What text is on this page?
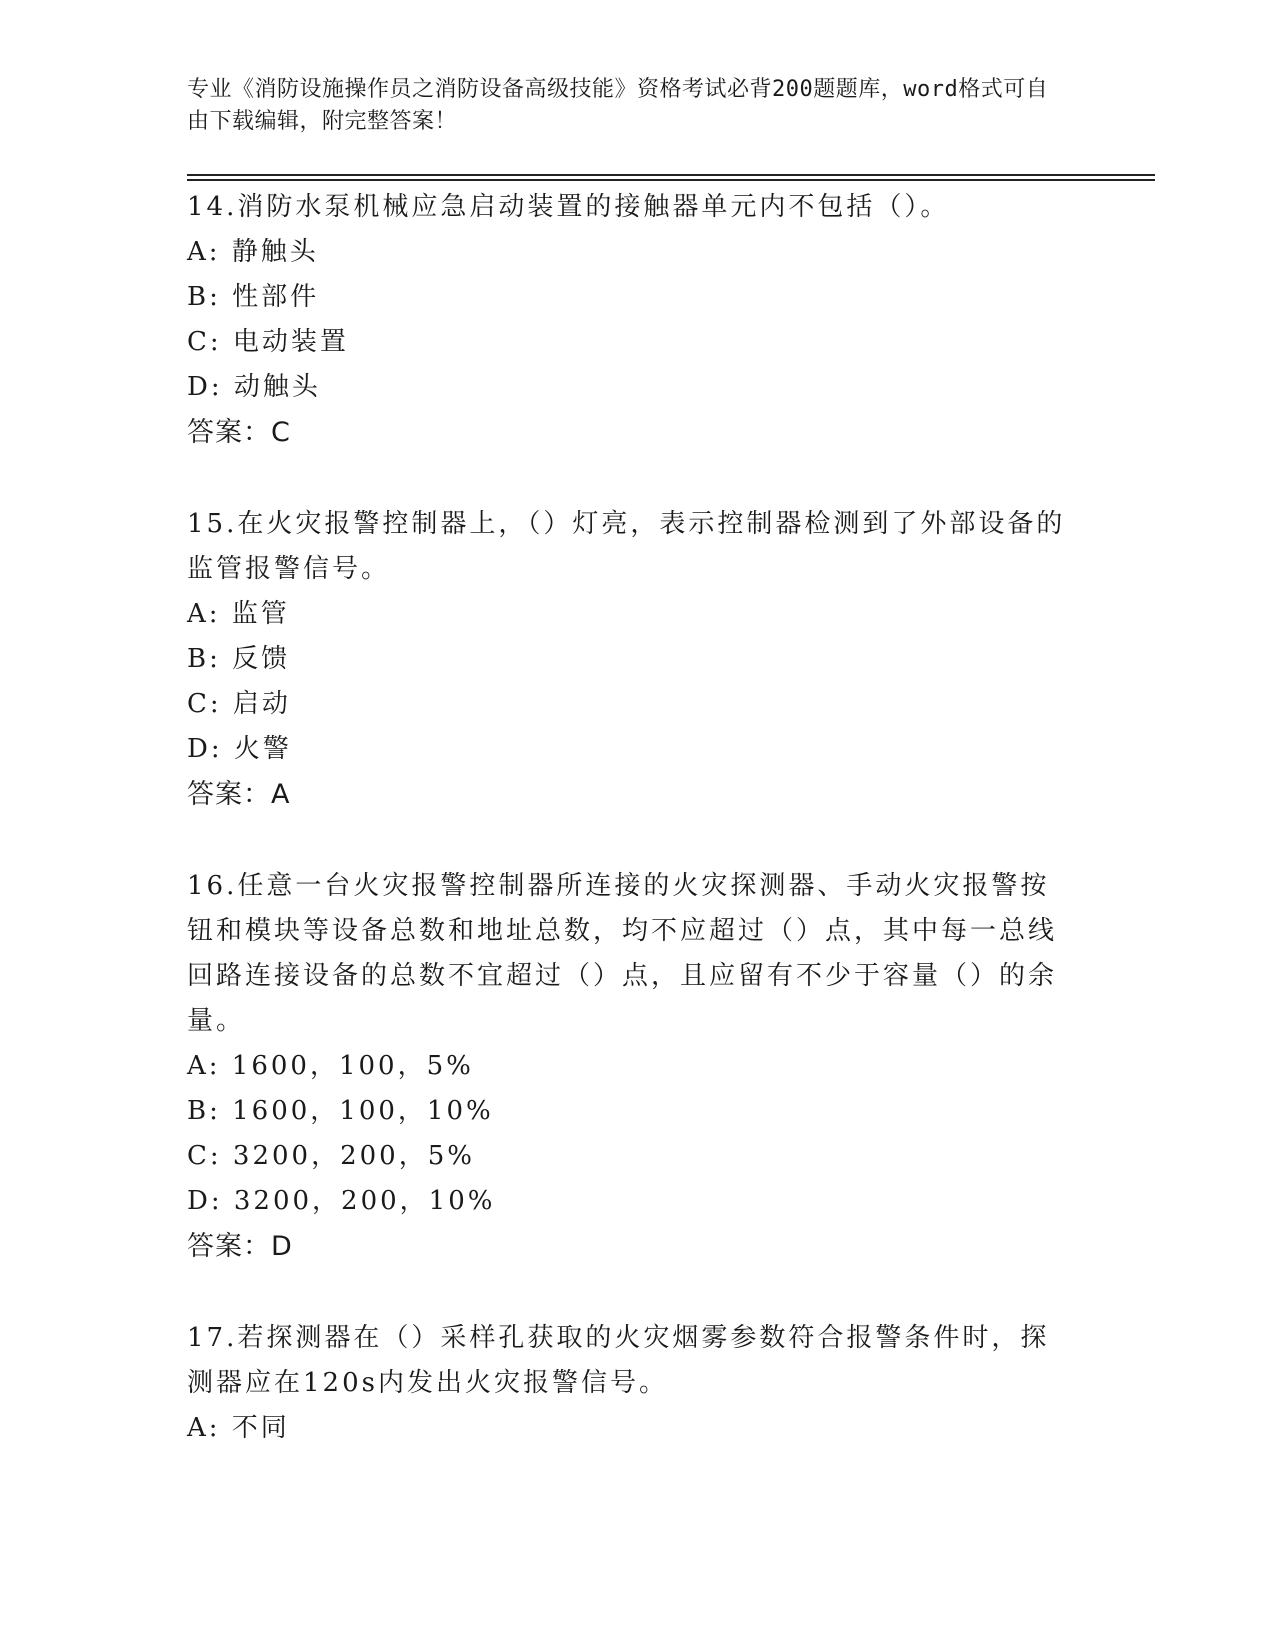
专业《消防设施操作员之消防设备高级技能》资格考试必背200题题库，word格式可自由下载编辑，附完整答案！

14.消防水泵机械应急启动装置的接触器单元内不包括（）。

A: 静触头

B: 性部件

C: 电动装置

D: 动触头

答案：C

15.在火灾报警控制器上，（）灯亮，表示控制器检测到了外部设备的监管报警信号。

A: 监管

B: 反馈

C: 启动

D: 火警

答案：A

16.任意一台火灾报警控制器所连接的火灾探测器、手动火灾报警按钮和模块等设备总数和地址总数，均不应超过（）点，其中每一总线回路连接设备的总数不宜超过（）点，且应留有不少于容量（）的余量。

A: 1600，100，5%

B: 1600，100，10%

C: 3200，200，5%

D: 3200，200，10%

答案：D

17.若探测器在（）采样孔获取的火灾烟雾参数符合报警条件时，探测器应在120s内发出火灾报警信号。

A: 不同
